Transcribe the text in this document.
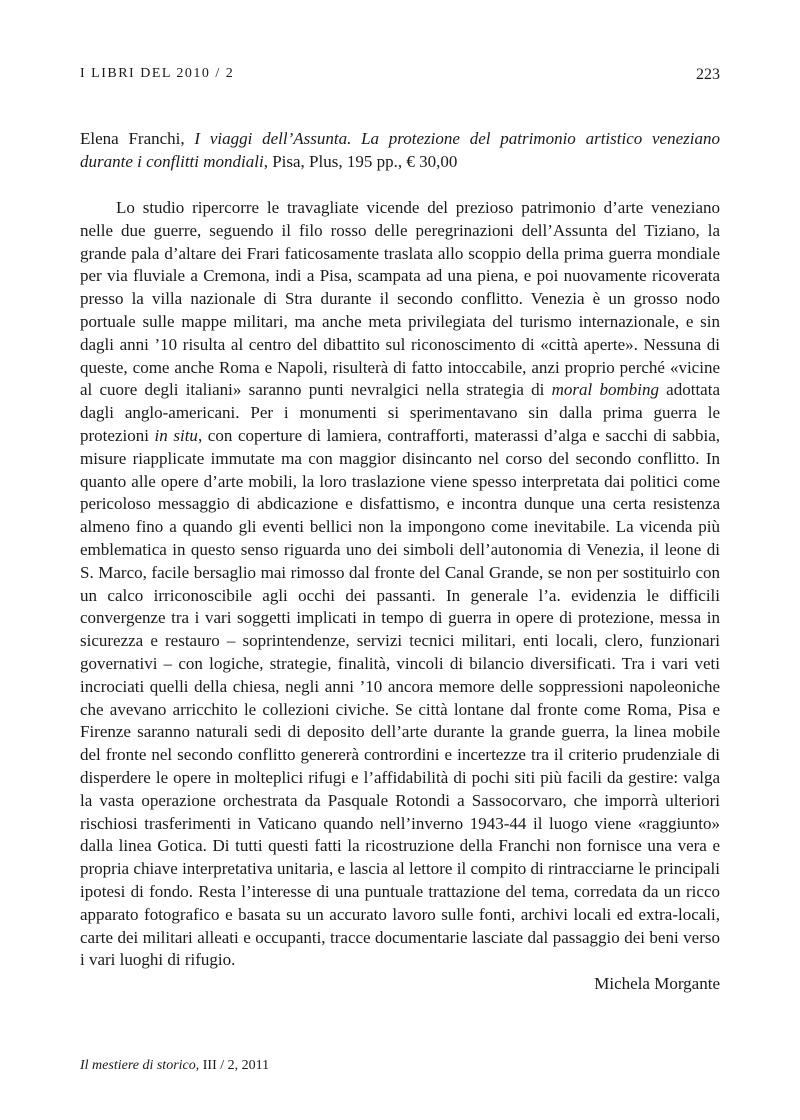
I LIBRI DEL 2010 / 2	223
Elena Franchi, I viaggi dell’Assunta. La protezione del patrimonio artistico veneziano durante i conflitti mondiali, Pisa, Plus, 195 pp., € 30,00

Lo studio ripercorre le travagliate vicende del prezioso patrimonio d’arte veneziano nelle due guerre, seguendo il filo rosso delle peregrinazioni dell’Assunta del Tiziano, la grande pala d’altare dei Frari faticosamente traslata allo scoppio della prima guerra mondiale per via fluviale a Cremona, indi a Pisa, scampata ad una piena, e poi nuovamente ricoverata presso la villa nazionale di Stra durante il secondo conflitto. Venezia è un grosso nodo portuale sulle mappe militari, ma anche meta privilegiata del turismo internazionale, e sin dagli anni ’10 risulta al centro del dibattito sul riconoscimento di «città aperte». Nessuna di queste, come anche Roma e Napoli, risulterà di fatto intoccabile, anzi proprio perché «vicine al cuore degli italiani» saranno punti nevralgici nella strategia di moral bombing adottata dagli anglo-americani. Per i monumenti si sperimentavano sin dalla prima guerra le protezioni in situ, con coperture di lamiera, contrafforti, materassi d’alga e sacchi di sabbia, misure riapplicate immutate ma con maggior disincanto nel corso del secondo conflitto. In quanto alle opere d’arte mobili, la loro traslazione viene spesso interpretata dai politici come pericoloso messaggio di abdicazione e disfattismo, e incontra dunque una certa resistenza almeno fino a quando gli eventi bellici non la impongono come inevitabile. La vicenda più emblematica in questo senso riguarda uno dei simboli dell’autonomia di Venezia, il leone di S. Marco, facile bersaglio mai rimosso dal fronte del Canal Grande, se non per sostituirlo con un calco irriconoscibile agli occhi dei passanti. In generale l’a. evidenzia le difficili convergenze tra i vari soggetti implicati in tempo di guerra in opere di protezione, messa in sicurezza e restauro – soprintendenze, servizi tecnici militari, enti locali, clero, funzionari governativi – con logiche, strategie, finalità, vincoli di bilancio diversificati. Tra i vari veti incrociati quelli della chiesa, negli anni ’10 ancora memore delle soppressioni napoleoniche che avevano arricchito le collezioni civiche. Se città lontane dal fronte come Roma, Pisa e Firenze saranno naturali sedi di deposito dell’arte durante la grande guerra, la linea mobile del fronte nel secondo conflitto genererà contrordini e incertezze tra il criterio prudenziale di disperdere le opere in molteplici rifugi e l’affidabilità di pochi siti più facili da gestire: valga la vasta operazione orchestrata da Pasquale Rotondi a Sassocorvaro, che imporrà ulteriori rischiosi trasferimenti in Vaticano quando nell’inverno 1943-44 il luogo viene «raggiunto» dalla linea Gotica. Di tutti questi fatti la ricostruzione della Franchi non fornisce una vera e propria chiave interpretativa unitaria, e lascia al lettore il compito di rintracciarne le principali ipotesi di fondo. Resta l’interesse di una puntuale trattazione del tema, corredata da un ricco apparato fotografico e basata su un accurato lavoro sulle fonti, archivi locali ed extra-locali, carte dei militari alleati e occupanti, tracce documentarie lasciate dal passaggio dei beni verso i vari luoghi di rifugio.

Michela Morgante
Il mestiere di storico, III / 2, 2011
